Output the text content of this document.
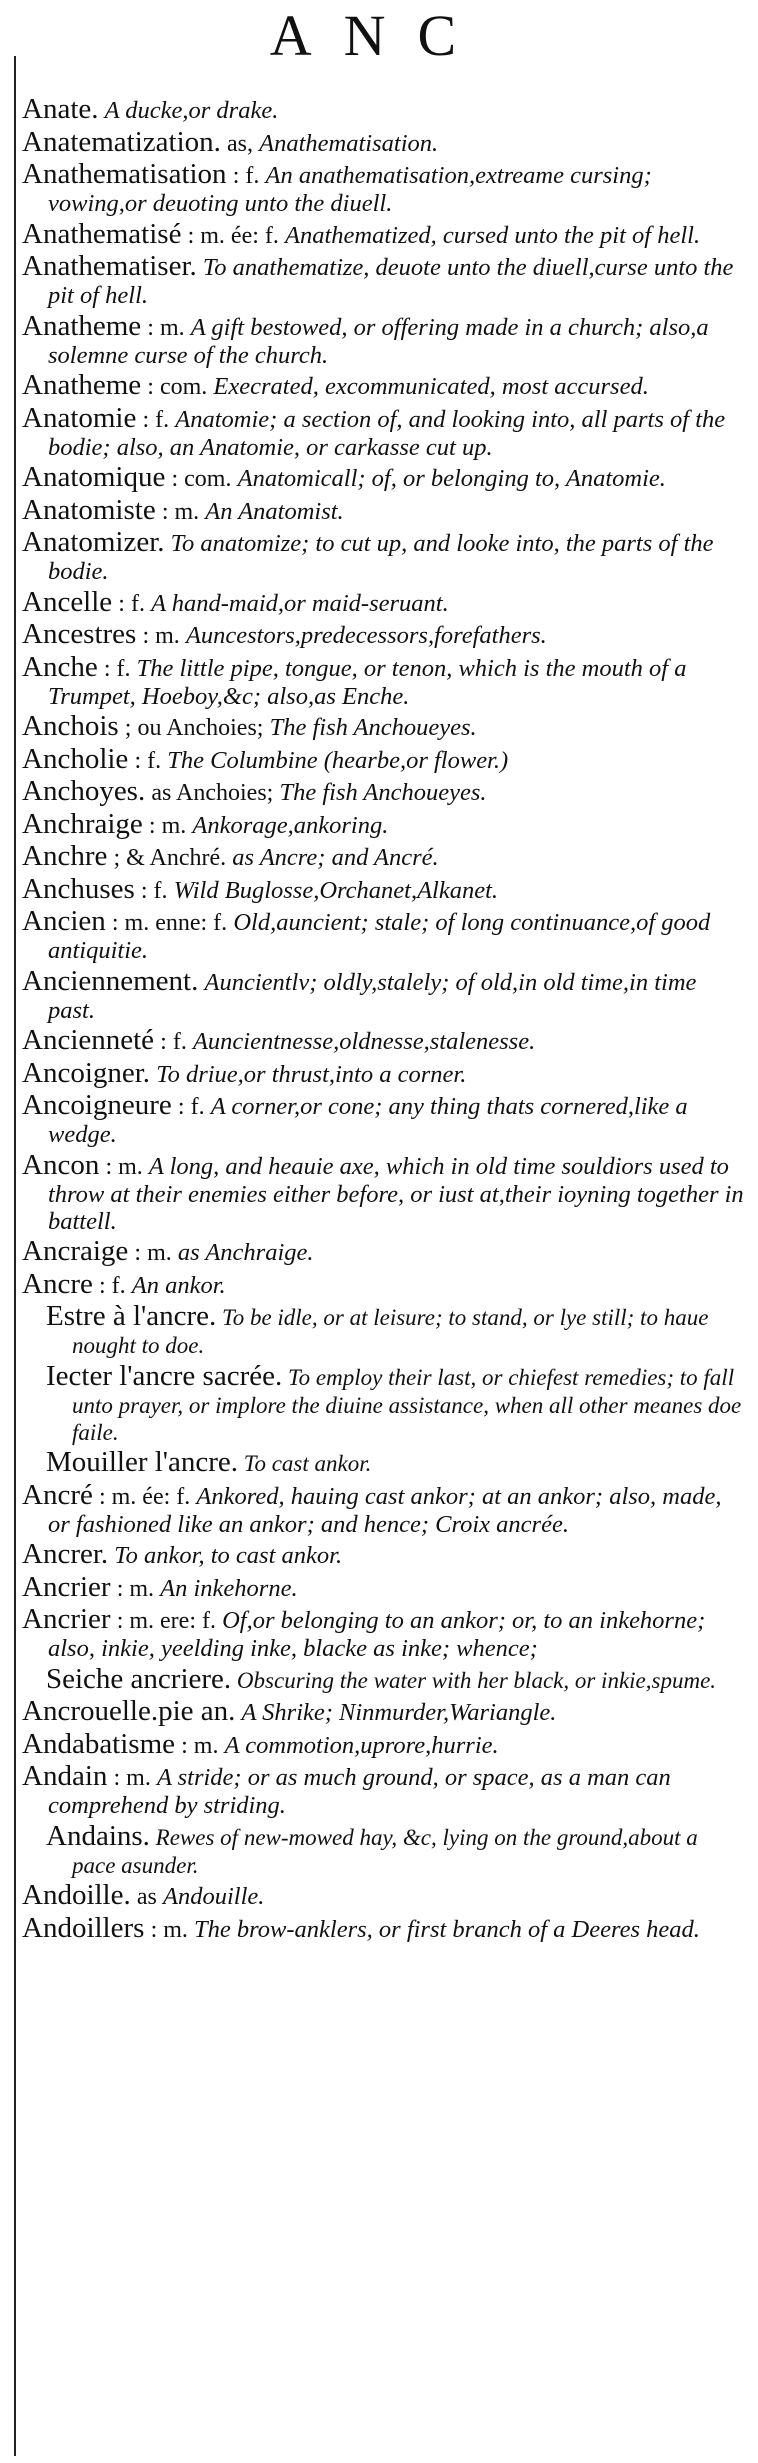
ANC

Anate. A ducke,or drake.

Anatematization. as, Anathematisation.

Anathematisation : f. An anathematisation,extreame cursing; vowing,or deuoting unto the diuell.

Anathematisé : m. ée: f. Anathematized, cursed unto the pit of hell.

Anathematiser. To anathematize, deuote unto the diuell,curse unto the pit of hell.

Anatheme : m. A gift bestowed, or offering made in a church; also,a solemne curse of the church.

Anatheme : com. Execrated, excommunicated, most accursed.

Anatomie : f. Anatomie; a section of, and looking into, all parts of the bodie; also, an Anatomie, or carkasse cut up.

Anatomique : com. Anatomicall; of, or belonging to, Anatomie.

Anatomiste : m. An Anatomist.

Anatomizer. To anatomize; to cut up, and looke into, the parts of the bodie.

Ancelle : f. A hand-maid,or maid-seruant.

Ancestres : m. Auncestors,predecessors,forefathers.

Anche : f. The little pipe, tongue, or tenon, which is the mouth of a Trumpet, Hoeboy,&c; also,as Enche.

Anchois ; ou Anchoies; The fish Anchoueyes.

Ancholie : f. The Columbine (hearbe,or flower.)

Anchoyes. as Anchoies; The fish Anchoueyes.

Anchraige : m. Ankorage,ankoring.

Anchre ; & Anchré. as Ancre; and Ancré.

Anchuses : f. Wild Buglosse,Orchanet,Alkanet.

Ancien : m. enne: f. Old,auncient; stale; of long continuance,of good antiquitie.

Anciennement. Auncientlv; oldly,stalely; of old,in old time,in time past.

Ancienneté : f. Auncientnesse,oldnesse,stalenesse.

Ancoigner. To driue,or thrust,into a corner.

Ancoigneure : f. A corner,or cone; any thing thats cornered,like a wedge.

Ancon : m. A long, and heauie axe, which in old time souldiors used to throw at their enemies either before, or iust at,their ioyning together in battell.

Ancraige : m. as Anchraige.

Ancre : f. An ankor.

Estre à l'ancre. To be idle, or at leisure; to stand, or lye still; to haue nought to doe.

Iecter l'ancre sacrée. To employ their last, or chiefest remedies; to fall unto prayer, or implore the diuine assistance, when all other meanes doe faile.

Mouiller l'ancre. To cast ankor.

Ancré : m. ée: f. Ankored, hauing cast ankor; at an ankor; also, made, or fashioned like an ankor; and hence; Croix ancrée.

Ancrer. To ankor, to cast ankor.

Ancrier : m. An inkehorne.

Ancrier : m. ere: f. Of,or belonging to an ankor; or, to an inkehorne; also, inkie, yeelding inke, blacke as inke; whence;

Seiche ancriere. Obscuring the water with her black, or inkie,spume.

Ancrouelle.pie an. A Shrike; Ninmurder,Wariangle.

Andabatisme : m. A commotion,uprore,hurrie.

Andain : m. A stride; or as much ground, or space, as a man can comprehend by striding.

Andains. Rewes of new-mowed hay, &c, lying on the ground,about a pace asunder.

Andoille. as Andouille.

Andoillers : m. The brow-anklers, or first branch of a Deeres head.
